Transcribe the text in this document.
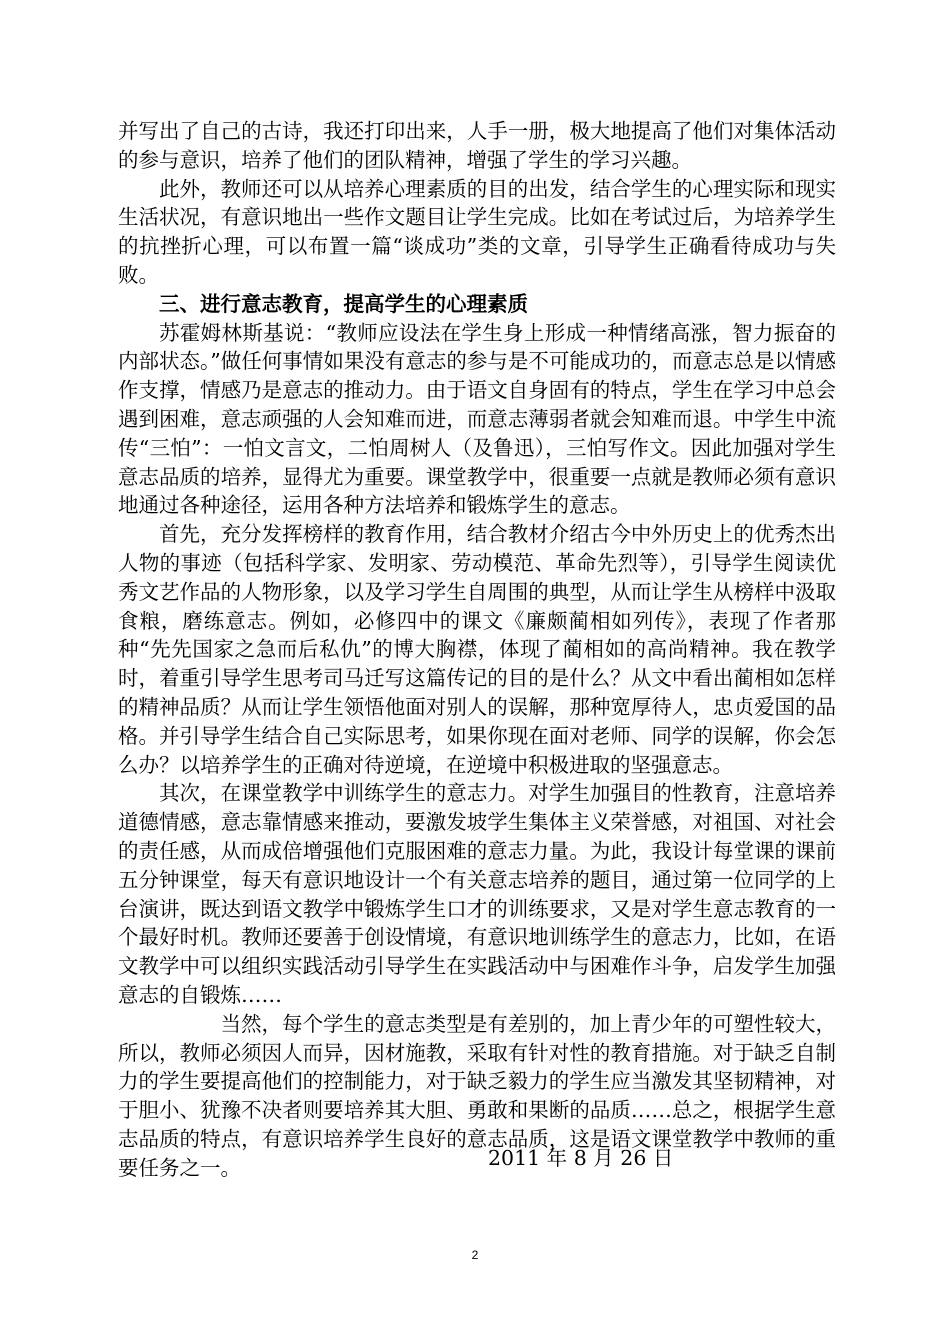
并写出了自己的古诗，我还打印出来，人手一册，极大地提高了他们对集体活动的参与意识，培养了他们的团队精神，增强了学生的学习兴趣。

此外，教师还可以从培养心理素质的目的出发，结合学生的心理实际和现实生活状况，有意识地出一些作文题目让学生完成。比如在考试过后，为培养学生的抗挫折心理，可以布置一篇“谈成功”类的文章，引导学生正确看待成功与失败。

三、进行意志教育，提高学生的心理素质

苏霍姆林斯基说：“教师应设法在学生身上形成一种情绪高涨，智力振奋的内部状态。”做任何事情如果没有意志的参与是不可能成功的，而意志总是以情感作支撑，情感乃是意志的推动力。由于语文自身固有的特点，学生在学习中总会遇到困难，意志顽强的人会知难而进，而意志薄弱者就会知难而退。中学生中流传“三怕”：一怕文言文，二怕周树人（及鲁迅），三怕写作文。因此加强对学生意志品质的培养，显得尤为重要。课堂教学中，很重要一点就是教师必须有意识地通过各种途径，运用各种方法培养和锻炼学生的意志。

首先，充分发挥榜样的教育作用，结合教材介绍古今中外历史上的优秀杰出人物的事迹（包括科学家、发明家、劳动模范、革命先烈等），引导学生阅读优秀文艺作品的人物形象，以及学习学生自周围的典型，从而让学生从榜样中汲取食粮，磨练意志。例如，必修四中的课文《廉颇蔺相如列传》，表现了作者那种“先先国家之急而后私仇”的博大胸襟，体现了蔺相如的高尚精神。我在教学时，着重引导学生思考司马迁写这篇传记的目的是什么？从文中看出蔺相如怎样的精神品质？从而让学生领悟他面对别人的误解，那种宽厚待人，忠贞爱国的品格。并引导学生结合自己实际思考，如果你现在面对老师、同学的误解，你会怎么办？以培养学生的正确对待逆境，在逆境中积极进取的坚强意志。

其次，在课堂教学中训练学生的意志力。对学生加强目的性教育，注意培养道德情感，意志靠情感来推动，要激发坡学生集体主义荣誉感，对祖国、对社会的责任感，从而成倍增强他们克服困难的意志力量。为此，我设计每堂课的课前五分钟课堂，每天有意识地设计一个有关意志培养的题目，通过第一位同学的上台演讲，既达到语文教学中锻炼学生口才的训练要求，又是对学生意志教育的一个最好时机。教师还要善于创设情境，有意识地训练学生的意志力，比如，在语文教学中可以组织实践活动引导学生在实践活动中与困难作斗争，启发学生加强意志的自锻炼……

当然，每个学生的意志类型是有差别的，加上青少年的可塑性较大，所以，教师必须因人而异，因材施教，采取有针对性的教育措施。对于缺乏自制力的学生要提高他们的控制能力，对于缺乏毅力的学生应当激发其坚韧精神，对于胆小、犹豫不决者则要培养其大胆、勇敢和果断的品质……总之，根据学生意志品质的特点，有意识培养学生良好的意志品质，这是语文课堂教学中教师的重要任务之一。	2011 年 8 月 26 日
2
